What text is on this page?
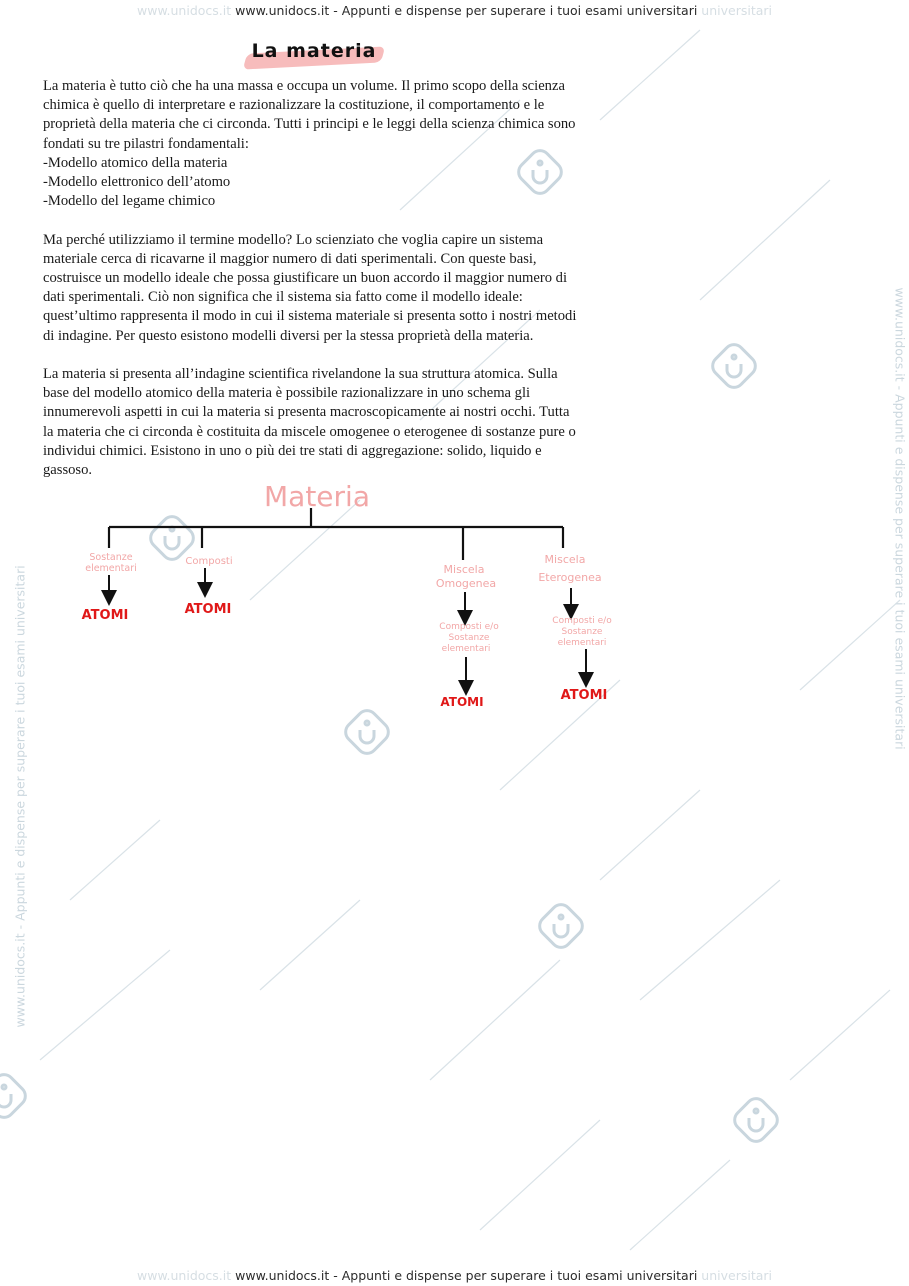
www.unidocs.it www.unidocs.it - Appunti e dispense per superare i tuoi esami universitari universitari
www.unidocs.it www.unidocs.it - Appunti e dispense per superare i tuoi esami universitari universitari
www.unidocs.it - Appunti e dispense per superare i tuoi esami universitari
www.unidocs.it - Appunti e dispense per superare i tuoi esami universitari
La materia

La materia è tutto ciò che ha una massa e occupa un volume. Il primo scopo della scienza
chimica è quello di interpretare e razionalizzare la costituzione, il comportamento e le
proprietà della materia che ci circonda. Tutti i principi e le leggi della scienza chimica sono
fondati su tre pilastri fondamentali:
-Modello atomico della materia
-Modello elettronico dell’atomo
-Modello del legame chimico

Ma perché utilizziamo il termine modello? Lo scienziato che voglia capire un sistema
materiale cerca di ricavarne il maggior numero di dati sperimentali. Con queste basi,
costruisce un modello ideale che possa giustificare un buon accordo il maggior numero di
dati sperimentali. Ciò non significa che il sistema sia fatto come il modello ideale:
quest’ultimo rappresenta il modo in cui il sistema materiale si presenta sotto i nostri metodi
di indagine. Per questo esistono modelli diversi per la stessa proprietà della materia.

La materia si presenta all’indagine scientifica rivelandone la sua struttura atomica. Sulla
base del modello atomico della materia è possibile razionalizzare in uno schema gli
innumerevoli aspetti in cui la materia si presenta macroscopicamente ai nostri occhi. Tutta
la materia che ci circonda è costituita da miscele omogenee o eterogenee di sostanze pure o
individui chimici. Esistono in uno o più dei tre stati di aggregazione: solido, liquido e
gassoso.

Materia
Sostanze
elementari
ATOMI
Composti
ATOMI
Miscela
Omogenea
Composti e/o
Sostanze
elementari
ATOMI
Miscela
Eterogenea
Composti e/o
Sostanze
elementari
ATOMI
